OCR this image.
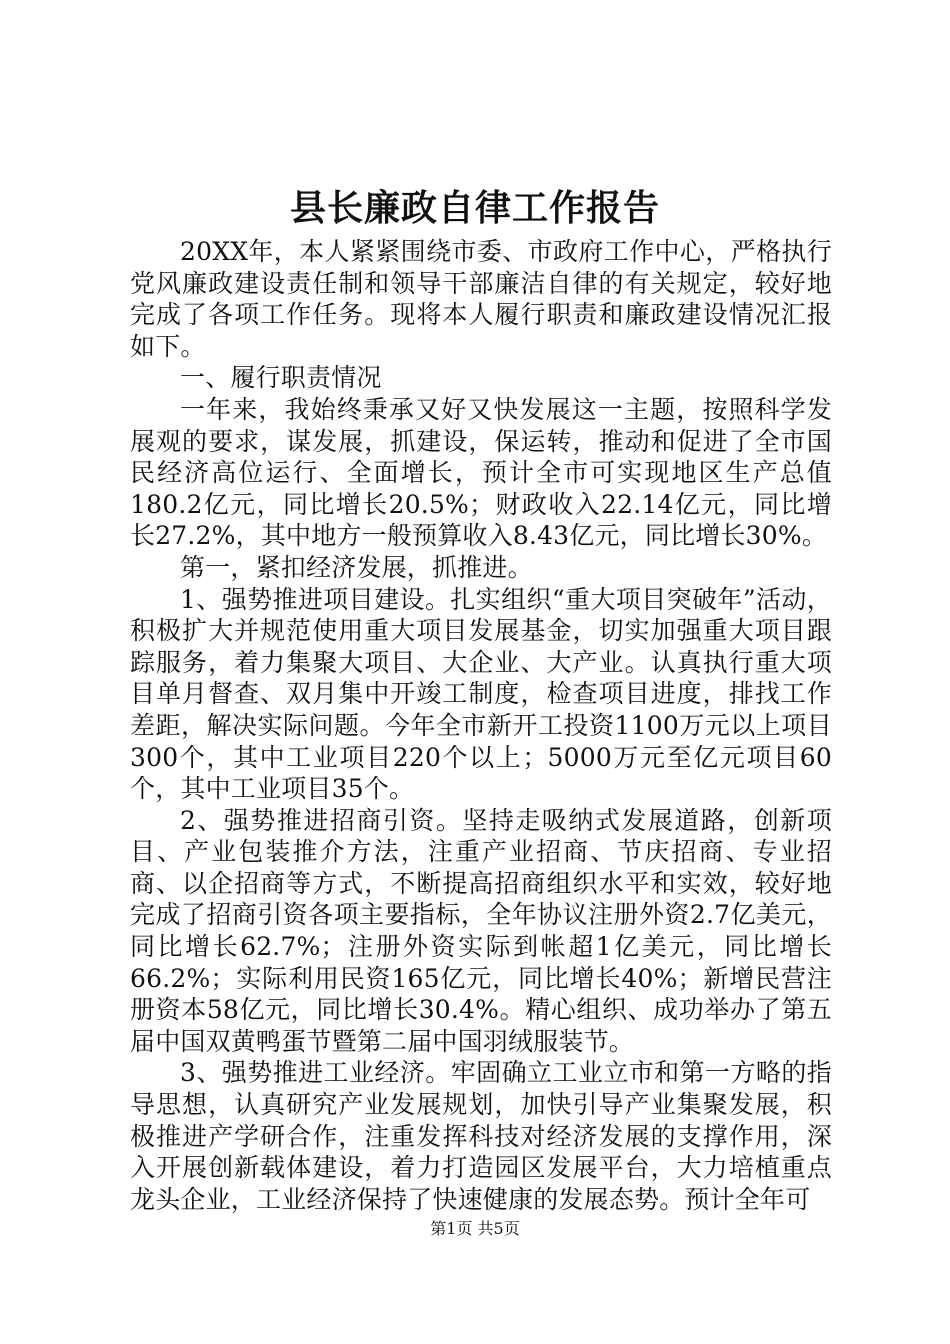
县长廉政自律工作报告

20XX年，本人紧紧围绕市委、市政府工作中心，严格执行党风廉政建设责任制和领导干部廉洁自律的有关规定，较好地完成了各项工作任务。现将本人履行职责和廉政建设情况汇报如下。

一、履行职责情况

一年来，我始终秉承又好又快发展这一主题，按照科学发展观的要求，谋发展，抓建设，保运转，推动和促进了全市国民经济高位运行、全面增长，预计全市可实现地区生产总值180.2亿元，同比增长20.5%；财政收入22.14亿元，同比增长27.2%，其中地方一般预算收入8.43亿元，同比增长30%。

第一，紧扣经济发展，抓推进。

1、强势推进项目建设。扎实组织“重大项目突破年”活动，积极扩大并规范使用重大项目发展基金，切实加强重大项目跟踪服务，着力集聚大项目、大企业、大产业。认真执行重大项目单月督查、双月集中开竣工制度，检查项目进度，排找工作差距，解决实际问题。今年全市新开工投资1100万元以上项目300个，其中工业项目220个以上；5000万元至亿元项目60个，其中工业项目35个。

2、强势推进招商引资。坚持走吸纳式发展道路，创新项目、产业包装推介方法，注重产业招商、节庆招商、专业招商、以企招商等方式，不断提高招商组织水平和实效，较好地完成了招商引资各项主要指标，全年协议注册外资2.7亿美元，同比增长62.7%；注册外资实际到帐超1亿美元，同比增长66.2%；实际利用民资165亿元，同比增长40%；新增民营注册资本58亿元，同比增长30.4%。精心组织、成功举办了第五届中国双黄鸭蛋节暨第二届中国羽绒服装节。

3、强势推进工业经济。牢固确立工业立市和第一方略的指导思想，认真研究产业发展规划，加快引导产业集聚发展，积极推进产学研合作，注重发挥科技对经济发展的支撑作用，深入开展创新载体建设，着力打造园区发展平台，大力培植重点龙头企业，工业经济保持了快速健康的发展态势。预计全年可

第1页 共5页
